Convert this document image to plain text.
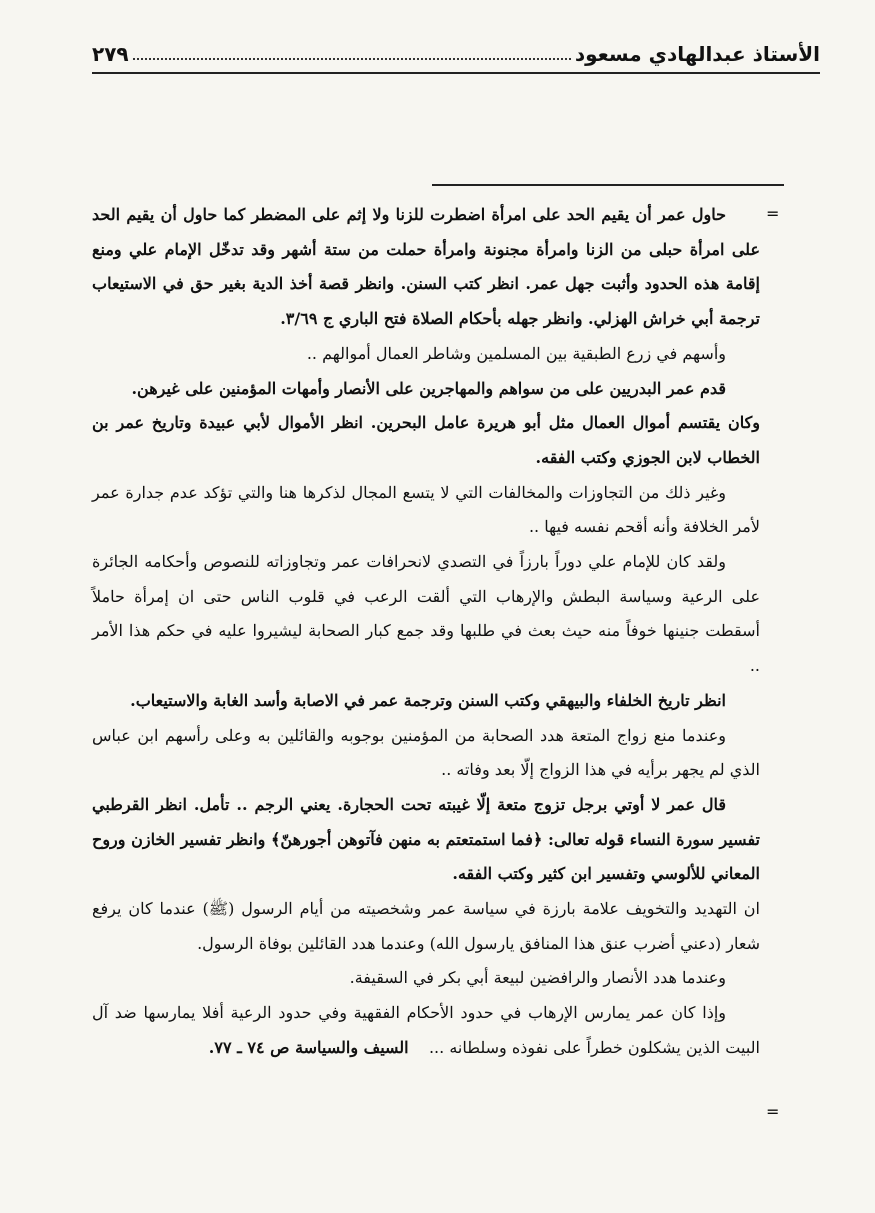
الأستاذ عبدالهادي مسعود
٢٧٩
=
=

حاول عمر أن يقيم الحد على امرأة اضطرت للزنا ولا إثم على المضطر كما حاول أن يقيم الحد على امرأة حبلى من الزنا وامرأة مجنونة وامرأة حملت من ستة أشهر وقد تدخّل الإمام علي ومنع إقامة هذه الحدود وأثبت جهل عمر. انظر كتب السنن. وانظر قصة أخذ الدية بغير حق في الاستيعاب ترجمة أبي خراش الهزلي. وانظر جهله بأحكام الصلاة فتح الباري ج ٣/٦٩.

وأسهم في زرع الطبقية بين المسلمين وشاطر العمال أموالهم ..

قدم عمر البدريين على من سواهم والمهاجرين على الأنصار وأمهات المؤمنين على غيرهن.

وكان يقتسم أموال العمال مثل أبو هريرة عامل البحرين. انظر الأموال لأبي عبيدة وتاريخ عمر بن الخطاب لابن الجوزي وكتب الفقه.

وغير ذلك من التجاوزات والمخالفات التي لا يتسع المجال لذكرها هنا والتي تؤكد عدم جدارة عمر لأمر الخلافة وأنه أقحم نفسه فيها ..

ولقد كان للإمام علي دوراً بارزاً في التصدي لانحرافات عمر وتجاوزاته للنصوص وأحكامه الجائرة على الرعية وسياسة البطش والإرهاب التي ألقت الرعب في قلوب الناس حتى ان إمرأة حاملاً أسقطت جنينها خوفاً منه حيث بعث في طلبها وقد جمع كبار الصحابة ليشيروا عليه في حكم هذا الأمر ..

انظر تاريخ الخلفاء والبيهقي وكتب السنن وترجمة عمر في الاصابة وأسد الغابة والاستيعاب.

وعندما منع زواج المتعة هدد الصحابة من المؤمنين بوجوبه والقائلين به وعلى رأسهم ابن عباس الذي لم يجهر برأيه في هذا الزواج إلّا بعد وفاته ..

قال عمر لا أوتي برجل تزوج متعة إلّا غيبته تحت الحجارة. يعني الرجم .. تأمل. انظر القرطبي تفسير سورة النساء قوله تعالى: ﴿فما استمتعتم به منهن فآتوهن أجورهنّ﴾ وانظر تفسير الخازن وروح المعاني للألوسي وتفسير ابن كثير وكتب الفقه.

ان التهديد والتخويف علامة بارزة في سياسة عمر وشخصيته من أيام الرسول (ﷺ) عندما كان يرفع شعار (دعني أضرب عنق هذا المنافق يارسول الله) وعندما هدد القائلين بوفاة الرسول.

وعندما هدد الأنصار والرافضين لبيعة أبي بكر في السقيفة.

وإذا كان عمر يمارس الإرهاب في حدود الأحكام الفقهية وفي حدود الرعية أفلا يمارسها ضد آل البيت الذين يشكلون خطراً على نفوذه وسلطانه ...    السيف والسياسة ص ٧٤ ـ ٧٧.
